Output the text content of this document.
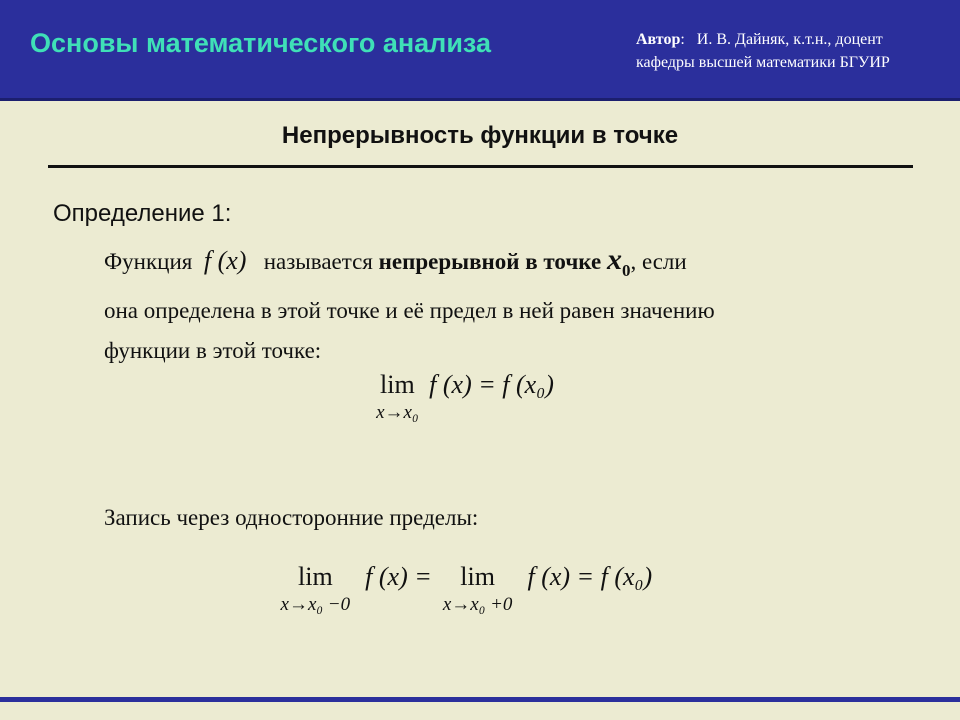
Основы математического анализа	Автор:   И. В. Дайняк, к.т.н., доцент
кафедры высшей математики БГУИР
Непрерывность функции в точке
Определение 1:
Функция f (x) называется непрерывной в точке $x_0$, если
она определена в этой точке и её предел в ней равен значению
функции в этой точке:
lim
x→x₀
f (x) = f (x₀)
Запись через односторонние пределы:
lim
x→x₀ −0
f (x) = lim
x→x₀ +0
f (x) = f (x₀)
